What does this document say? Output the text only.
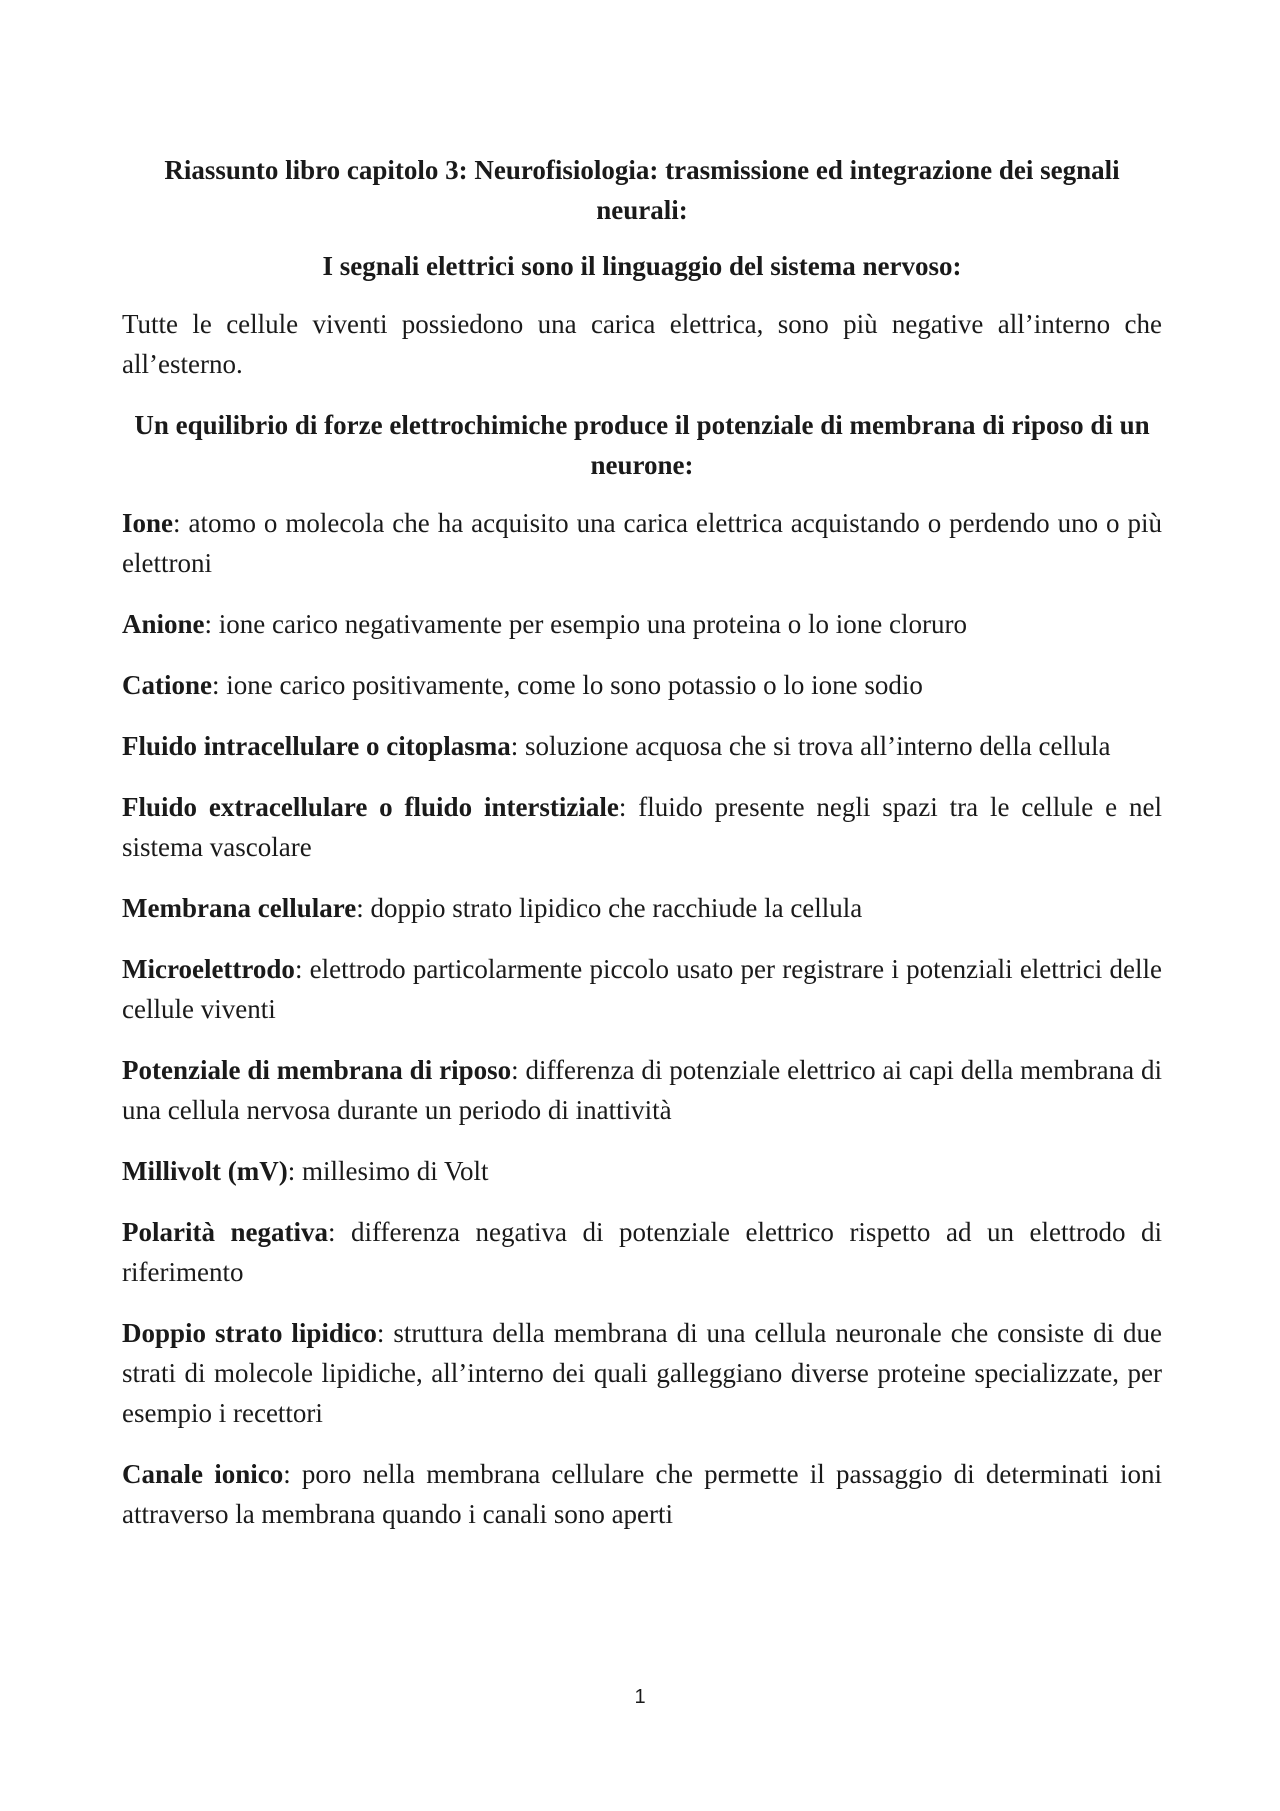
Riassunto libro capitolo 3: Neurofisiologia: trasmissione ed integrazione dei segnali neurali:
I segnali elettrici sono il linguaggio del sistema nervoso:
Tutte le cellule viventi possiedono una carica elettrica, sono più negative all’interno che all’esterno.
Un equilibrio di forze elettrochimiche produce il potenziale di membrana di riposo di un neurone:
Ione: atomo o molecola che ha acquisito una carica elettrica acquistando o perdendo uno o più elettroni
Anione: ione carico negativamente per esempio una proteina o lo ione cloruro
Catione: ione carico positivamente, come lo sono potassio o lo ione sodio
Fluido intracellulare o citoplasma: soluzione acquosa che si trova all’interno della cellula
Fluido extracellulare o fluido interstiziale: fluido presente negli spazi tra le cellule e nel sistema vascolare
Membrana cellulare: doppio strato lipidico che racchiude la cellula
Microelettrodo: elettrodo particolarmente piccolo usato per registrare i potenziali elettrici delle cellule viventi
Potenziale di membrana di riposo: differenza di potenziale elettrico ai capi della membrana di una cellula nervosa durante un periodo di inattività
Millivolt (mV): millesimo di Volt
Polarità negativa: differenza negativa di potenziale elettrico rispetto ad un elettrodo di riferimento
Doppio strato lipidico: struttura della membrana di una cellula neuronale che consiste di due strati di molecole lipidiche, all’interno dei quali galleggiano diverse proteine specializzate, per esempio i recettori
Canale ionico: poro nella membrana cellulare che permette il passaggio di determinati ioni attraverso la membrana quando i canali sono aperti
1
